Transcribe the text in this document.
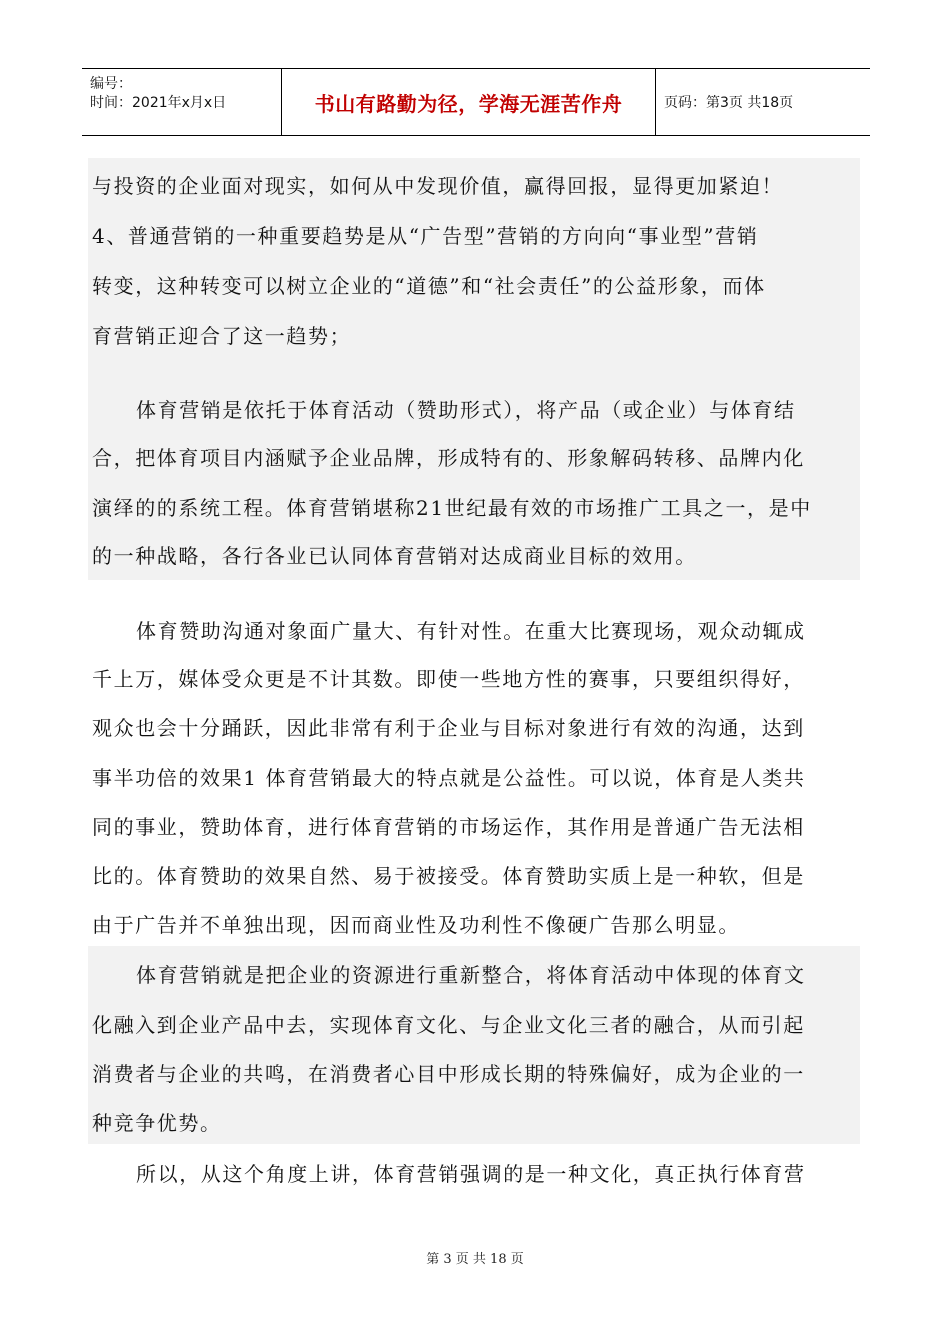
编号：
时间：2021年x月x日	书山有路勤为径，学海无涯苦作舟	页码：第3页 共18页
与投资的企业面对现实，如何从中发现价值，赢得回报，显得更加紧迫！
4、普通营销的一种重要趋势是从“广告型”营销的方向向“事业型”营销
转变，这种转变可以树立企业的“道德”和“社会责任”的公益形象，而体
育营销正迎合了这一趋势；
体育营销是依托于体育活动（赞助形式），将产品（或企业）与体育结
合，把体育项目内涵赋予企业品牌，形成特有的、形象解码转移、品牌内化
演绎的的系统工程。体育营销堪称21世纪最有效的市场推广工具之一，是中
的一种战略，各行各业已认同体育营销对达成商业目标的效用。
体育赞助沟通对象面广量大、有针对性。在重大比赛现场，观众动辄成
千上万，媒体受众更是不计其数。即使一些地方性的赛事，只要组织得好，
观众也会十分踊跃，因此非常有利于企业与目标对象进行有效的沟通，达到
事半功倍的效果1 体育营销最大的特点就是公益性。可以说，体育是人类共
同的事业，赞助体育，进行体育营销的市场运作，其作用是普通广告无法相
比的。体育赞助的效果自然、易于被接受。体育赞助实质上是一种软，但是
由于广告并不单独出现，因而商业性及功利性不像硬广告那么明显。
体育营销就是把企业的资源进行重新整合，将体育活动中体现的体育文
化融入到企业产品中去，实现体育文化、与企业文化三者的融合，从而引起
消费者与企业的共鸣，在消费者心目中形成长期的特殊偏好，成为企业的一
种竞争优势。
所以，从这个角度上讲，体育营销强调的是一种文化，真正执行体育营
第 3 页 共 18 页
